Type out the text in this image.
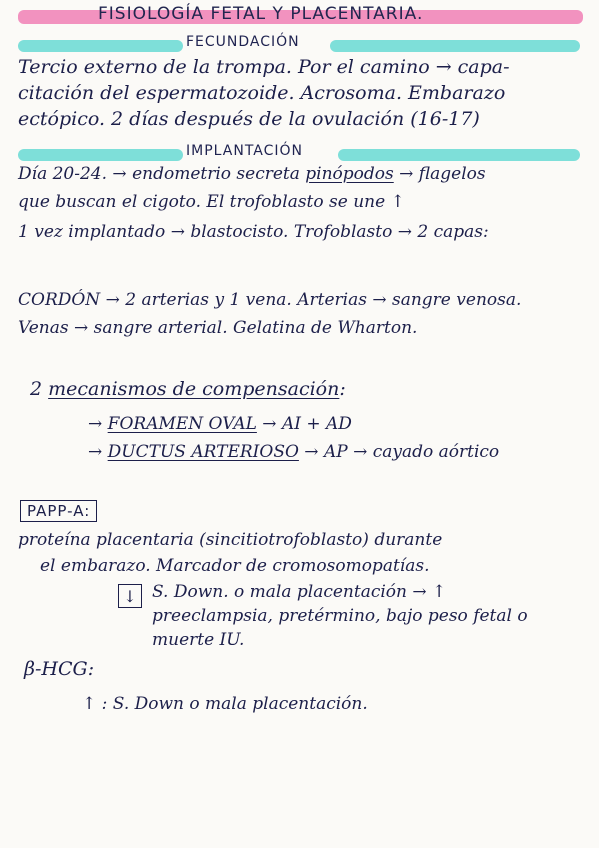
FISIOLOGÍA FETAL Y PLACENTARIA.
FECUNDACIÓN
Tercio externo de la trompa. Por el camino → capa-
citación del espermatozoide. Acrosoma. Embarazo
ectópico. 2 días después de la ovulación (16-17)
IMPLANTACIÓN
Día 20-24. → endometrio secreta pinópodos → flagelos
que buscan el cigoto. El trofoblasto se une ↑
1 vez implantado → blastocisto. Trofoblasto → 2 capas:
CORDÓN → 2 arterias y 1 vena. Arterias → sangre venosa.
Venas → sangre arterial. Gelatina de Wharton.
2 mecanismos de compensación:
→ FORAMEN OVAL → AI + AD
→ DUCTUS ARTERIOSO → AP → cayado aórtico
PAPP-A:
proteína placentaria (sincitiotrofoblasto) durante
el embarazo. Marcador de cromosomopatías.
↓ S. Down. o mala placentación → ↑
preeclampsia, pretérmino, bajo peso fetal o
muerte IU.
β-HCG:
↑ : S. Down o mala placentación.
